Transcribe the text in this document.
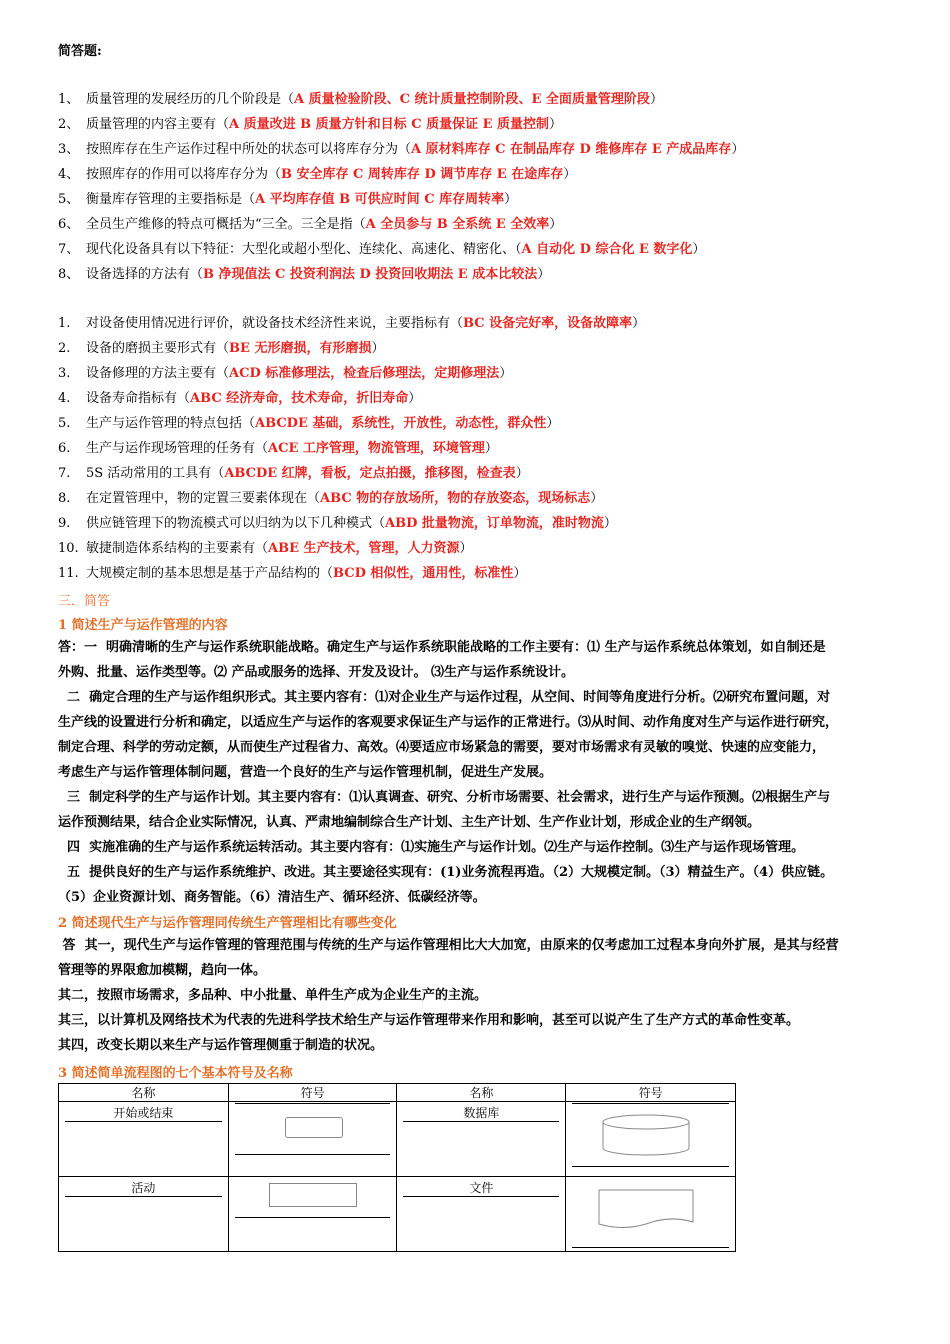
简答题:
1、 质量管理的发展经历的几个阶段是（A 质量检验阶段、C 统计质量控制阶段、E 全面质量管理阶段）
2、 质量管理的内容主要有（A 质量改进 B 质量方针和目标 C 质量保证 E 质量控制）
3、 按照库存在生产运作过程中所处的状态可以将库存分为（A 原材料库存 C 在制品库存 D 维修库存 E 产成品库存）
4、 按照库存的作用可以将库存分为（B 安全库存 C 周转库存 D 调节库存 E 在途库存）
5、 衡量库存管理的主要指标是（A 平均库存值 B 可供应时间 C 库存周转率）
6、 全员生产维修的特点可概括为“三全。三全是指（A 全员参与 B 全系统 E 全效率）
7、 现代化设备具有以下特征：大型化或超小型化、连续化、高速化、精密化、（A 自动化 D 综合化 E 数字化）
8、 设备选择的方法有（B 净现值法 C 投资利润法 D 投资回收期法 E 成本比较法）
1. 对设备使用情况进行评价，就设备技术经济性来说，主要指标有（BC 设备完好率，设备故障率）
2. 设备的磨损主要形式有（BE 无形磨损，有形磨损）
3. 设备修理的方法主要有（ACD 标准修理法，检查后修理法，定期修理法）
4. 设备寿命指标有（ABC 经济寿命，技术寿命，折旧寿命）
5. 生产与运作管理的特点包括（ABCDE 基础，系统性，开放性，动态性，群众性）
6. 生产与运作现场管理的任务有（ACE 工序管理，物流管理，环境管理）
7. 5S 活动常用的工具有（ABCDE 红牌，看板，定点拍摄，推移图，检查表）
8. 在定置管理中，物的定置三要素体现在（ABC 物的存放场所，物的存放姿态，现场标志）
9. 供应链管理下的物流模式可以归纳为以下几种模式（ABD 批量物流，订单物流，准时物流）
10. 敏捷制造体系结构的主要素有（ABE 生产技术，管理，人力资源）
11. 大规模定制的基本思想是基于产品结构的（BCD 相似性，通用性，标准性）
三．简答
1 简述生产与运作管理的内容
答：一  明确清晰的生产与运作系统职能战略。确定生产与运作系统职能战略的工作主要有：⑴ 生产与运作系统总体策划，如自制还是
外购、批量、运作类型等。⑵ 产品或服务的选择、开发及设计。 ⑶生产与运作系统设计。
二  确定合理的生产与运作组织形式。其主要内容有：⑴对企业生产与运作过程，从空间、时间等角度进行分析。⑵研究布置问题，对
生产线的设置进行分析和确定，以适应生产与运作的客观要求保证生产与运作的正常进行。⑶从时间、动作角度对生产与运作进行研究，
制定合理、科学的劳动定额，从而使生产过程省力、高效。⑷要适应市场紧急的需要，要对市场需求有灵敏的嗅觉、快速的应变能力，
考虑生产与运作管理体制问题，营造一个良好的生产与运作管理机制，促进生产发展。
三  制定科学的生产与运作计划。其主要内容有：⑴认真调查、研究、分析市场需要、社会需求，进行生产与运作预测。⑵根据生产与
运作预测结果，结合企业实际情况，认真、严肃地编制综合生产计划、主生产计划、生产作业计划，形成企业的生产纲领。
四  实施准确的生产与运作系统运转活动。其主要内容有：⑴实施生产与运作计划。⑵生产与运作控制。⑶生产与运作现场管理。
五  提供良好的生产与运作系统维护、改进。其主要途径实现有：(1)业务流程再造。（2）大规模定制。（3）精益生产。（4）供应链。
（5）企业资源计划、商务智能。（6）清洁生产、循环经济、低碳经济等。
2 简述现代生产与运作管理同传统生产管理相比有哪些变化
答  其一，现代生产与运作管理的管理范围与传统的生产与运作管理相比大大加宽，由原来的仅考虑加工过程本身向外扩展，是其与经营
管理等的界限愈加模糊，趋向一体。
其二，按照市场需求，多品种、中小批量、单件生产成为企业生产的主流。
其三，以计算机及网络技术为代表的先进科学技术给生产与运作管理带来作用和影响，甚至可以说产生了生产方式的革命性变革。
其四，改变长期以来生产与运作管理侧重于制造的状况。
3 简述简单流程图的七个基本符号及名称
名称	符号	名称	符号

开始或结束		数据库

活动		文件
